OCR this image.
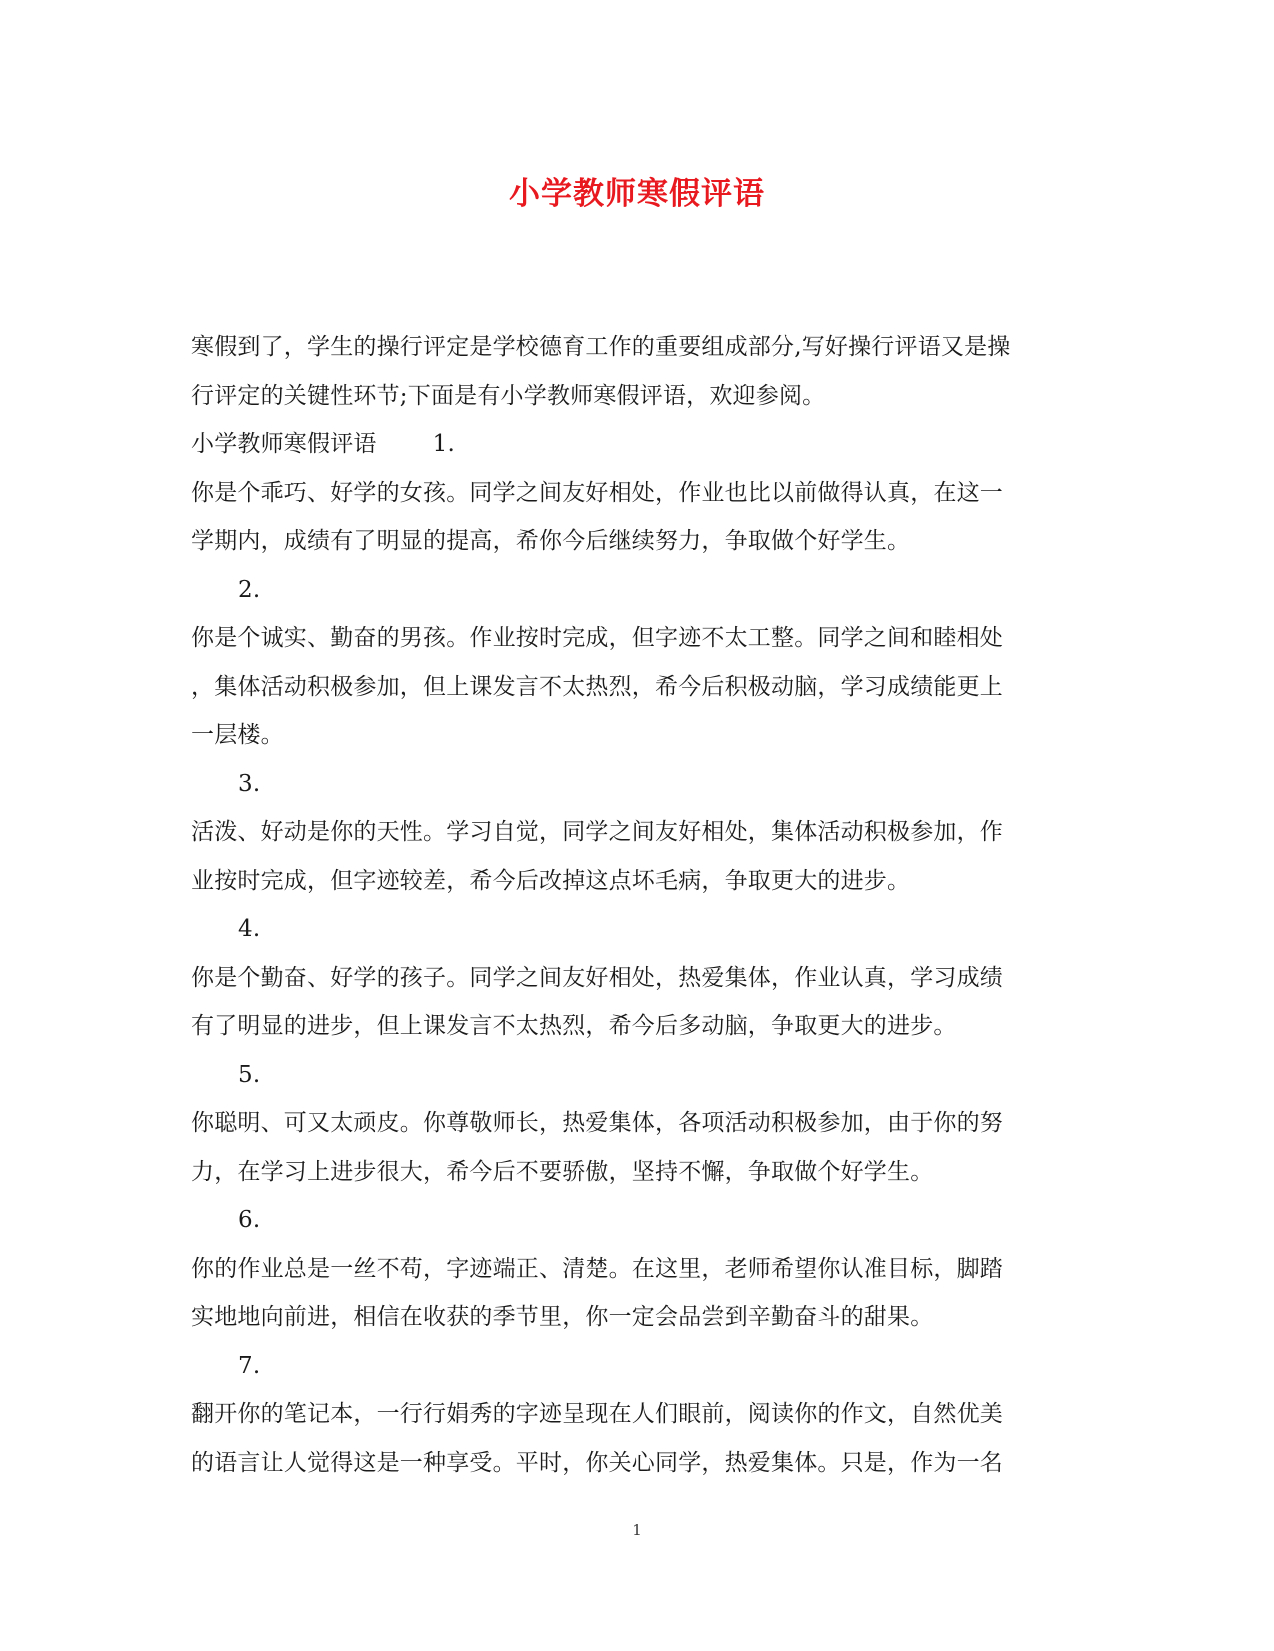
小学教师寒假评语
寒假到了，学生的操行评定是学校德育工作的重要组成部分,写好操行评语又是操
行评定的关键性环节;下面是有小学教师寒假评语，欢迎参阅。
小学教师寒假评语 1.
你是个乖巧、好学的女孩。同学之间友好相处，作业也比以前做得认真，在这一
学期内，成绩有了明显的提高，希你今后继续努力，争取做个好学生。
2.
你是个诚实、勤奋的男孩。作业按时完成，但字迹不太工整。同学之间和睦相处
，集体活动积极参加，但上课发言不太热烈，希今后积极动脑，学习成绩能更上
一层楼。
3.
活泼、好动是你的天性。学习自觉，同学之间友好相处，集体活动积极参加，作
业按时完成，但字迹较差，希今后改掉这点坏毛病，争取更大的进步。
4.
你是个勤奋、好学的孩子。同学之间友好相处，热爱集体，作业认真，学习成绩
有了明显的进步，但上课发言不太热烈，希今后多动脑，争取更大的进步。
5.
你聪明、可又太顽皮。你尊敬师长，热爱集体，各项活动积极参加，由于你的努
力，在学习上进步很大，希今后不要骄傲，坚持不懈，争取做个好学生。
6.
你的作业总是一丝不苟，字迹端正、清楚。在这里，老师希望你认准目标，脚踏
实地地向前进，相信在收获的季节里，你一定会品尝到辛勤奋斗的甜果。
7.
翻开你的笔记本，一行行娟秀的字迹呈现在人们眼前，阅读你的作文，自然优美
的语言让人觉得这是一种享受。平时，你关心同学，热爱集体。只是，作为一名
1
